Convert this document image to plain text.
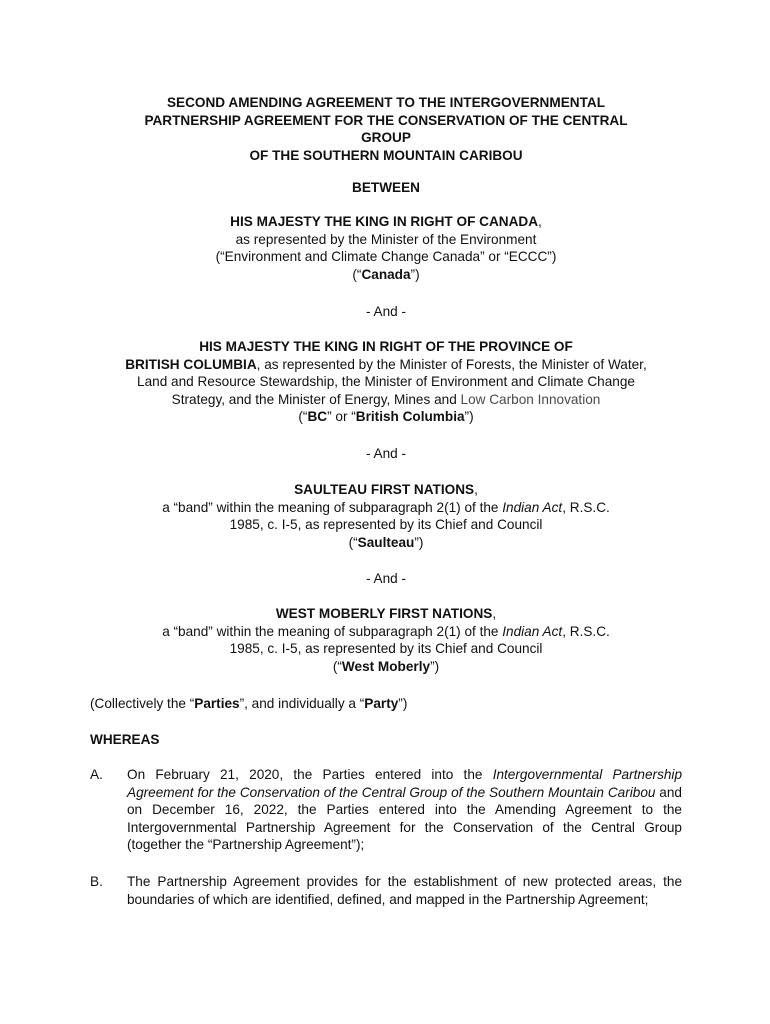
SECOND AMENDING AGREEMENT TO THE INTERGOVERNMENTAL
PARTNERSHIP AGREEMENT FOR THE CONSERVATION OF THE CENTRAL
GROUP
OF THE SOUTHERN MOUNTAIN CARIBOU
BETWEEN
HIS MAJESTY THE KING IN RIGHT OF CANADA,
as represented by the Minister of the Environment
(“Environment and Climate Change Canada” or “ECCC”)
(“Canada”)
- And -
HIS MAJESTY THE KING IN RIGHT OF THE PROVINCE OF
BRITISH COLUMBIA, as represented by the Minister of Forests, the Minister of Water,
Land and Resource Stewardship, the Minister of Environment and Climate Change
Strategy, and the Minister of Energy, Mines and Low Carbon Innovation
(“BC” or “British Columbia”)
- And -
SAULTEAU FIRST NATIONS,
a “band” within the meaning of subparagraph 2(1) of the Indian Act, R.S.C.
1985, c. I-5, as represented by its Chief and Council
(“Saulteau”)
- And -
WEST MOBERLY FIRST NATIONS,
a “band” within the meaning of subparagraph 2(1) of the Indian Act, R.S.C.
1985, c. I-5, as represented by its Chief and Council
(“West Moberly”)
(Collectively the “Parties”, and individually a “Party”)
WHEREAS
A.	On February 21, 2020, the Parties entered into the Intergovernmental Partnership Agreement for the Conservation of the Central Group of the Southern Mountain Caribou and on December 16, 2022, the Parties entered into the Amending Agreement to the Intergovernmental Partnership Agreement for the Conservation of the Central Group (together the “Partnership Agreement”);
B.	The Partnership Agreement provides for the establishment of new protected areas, the boundaries of which are identified, defined, and mapped in the Partnership Agreement;
